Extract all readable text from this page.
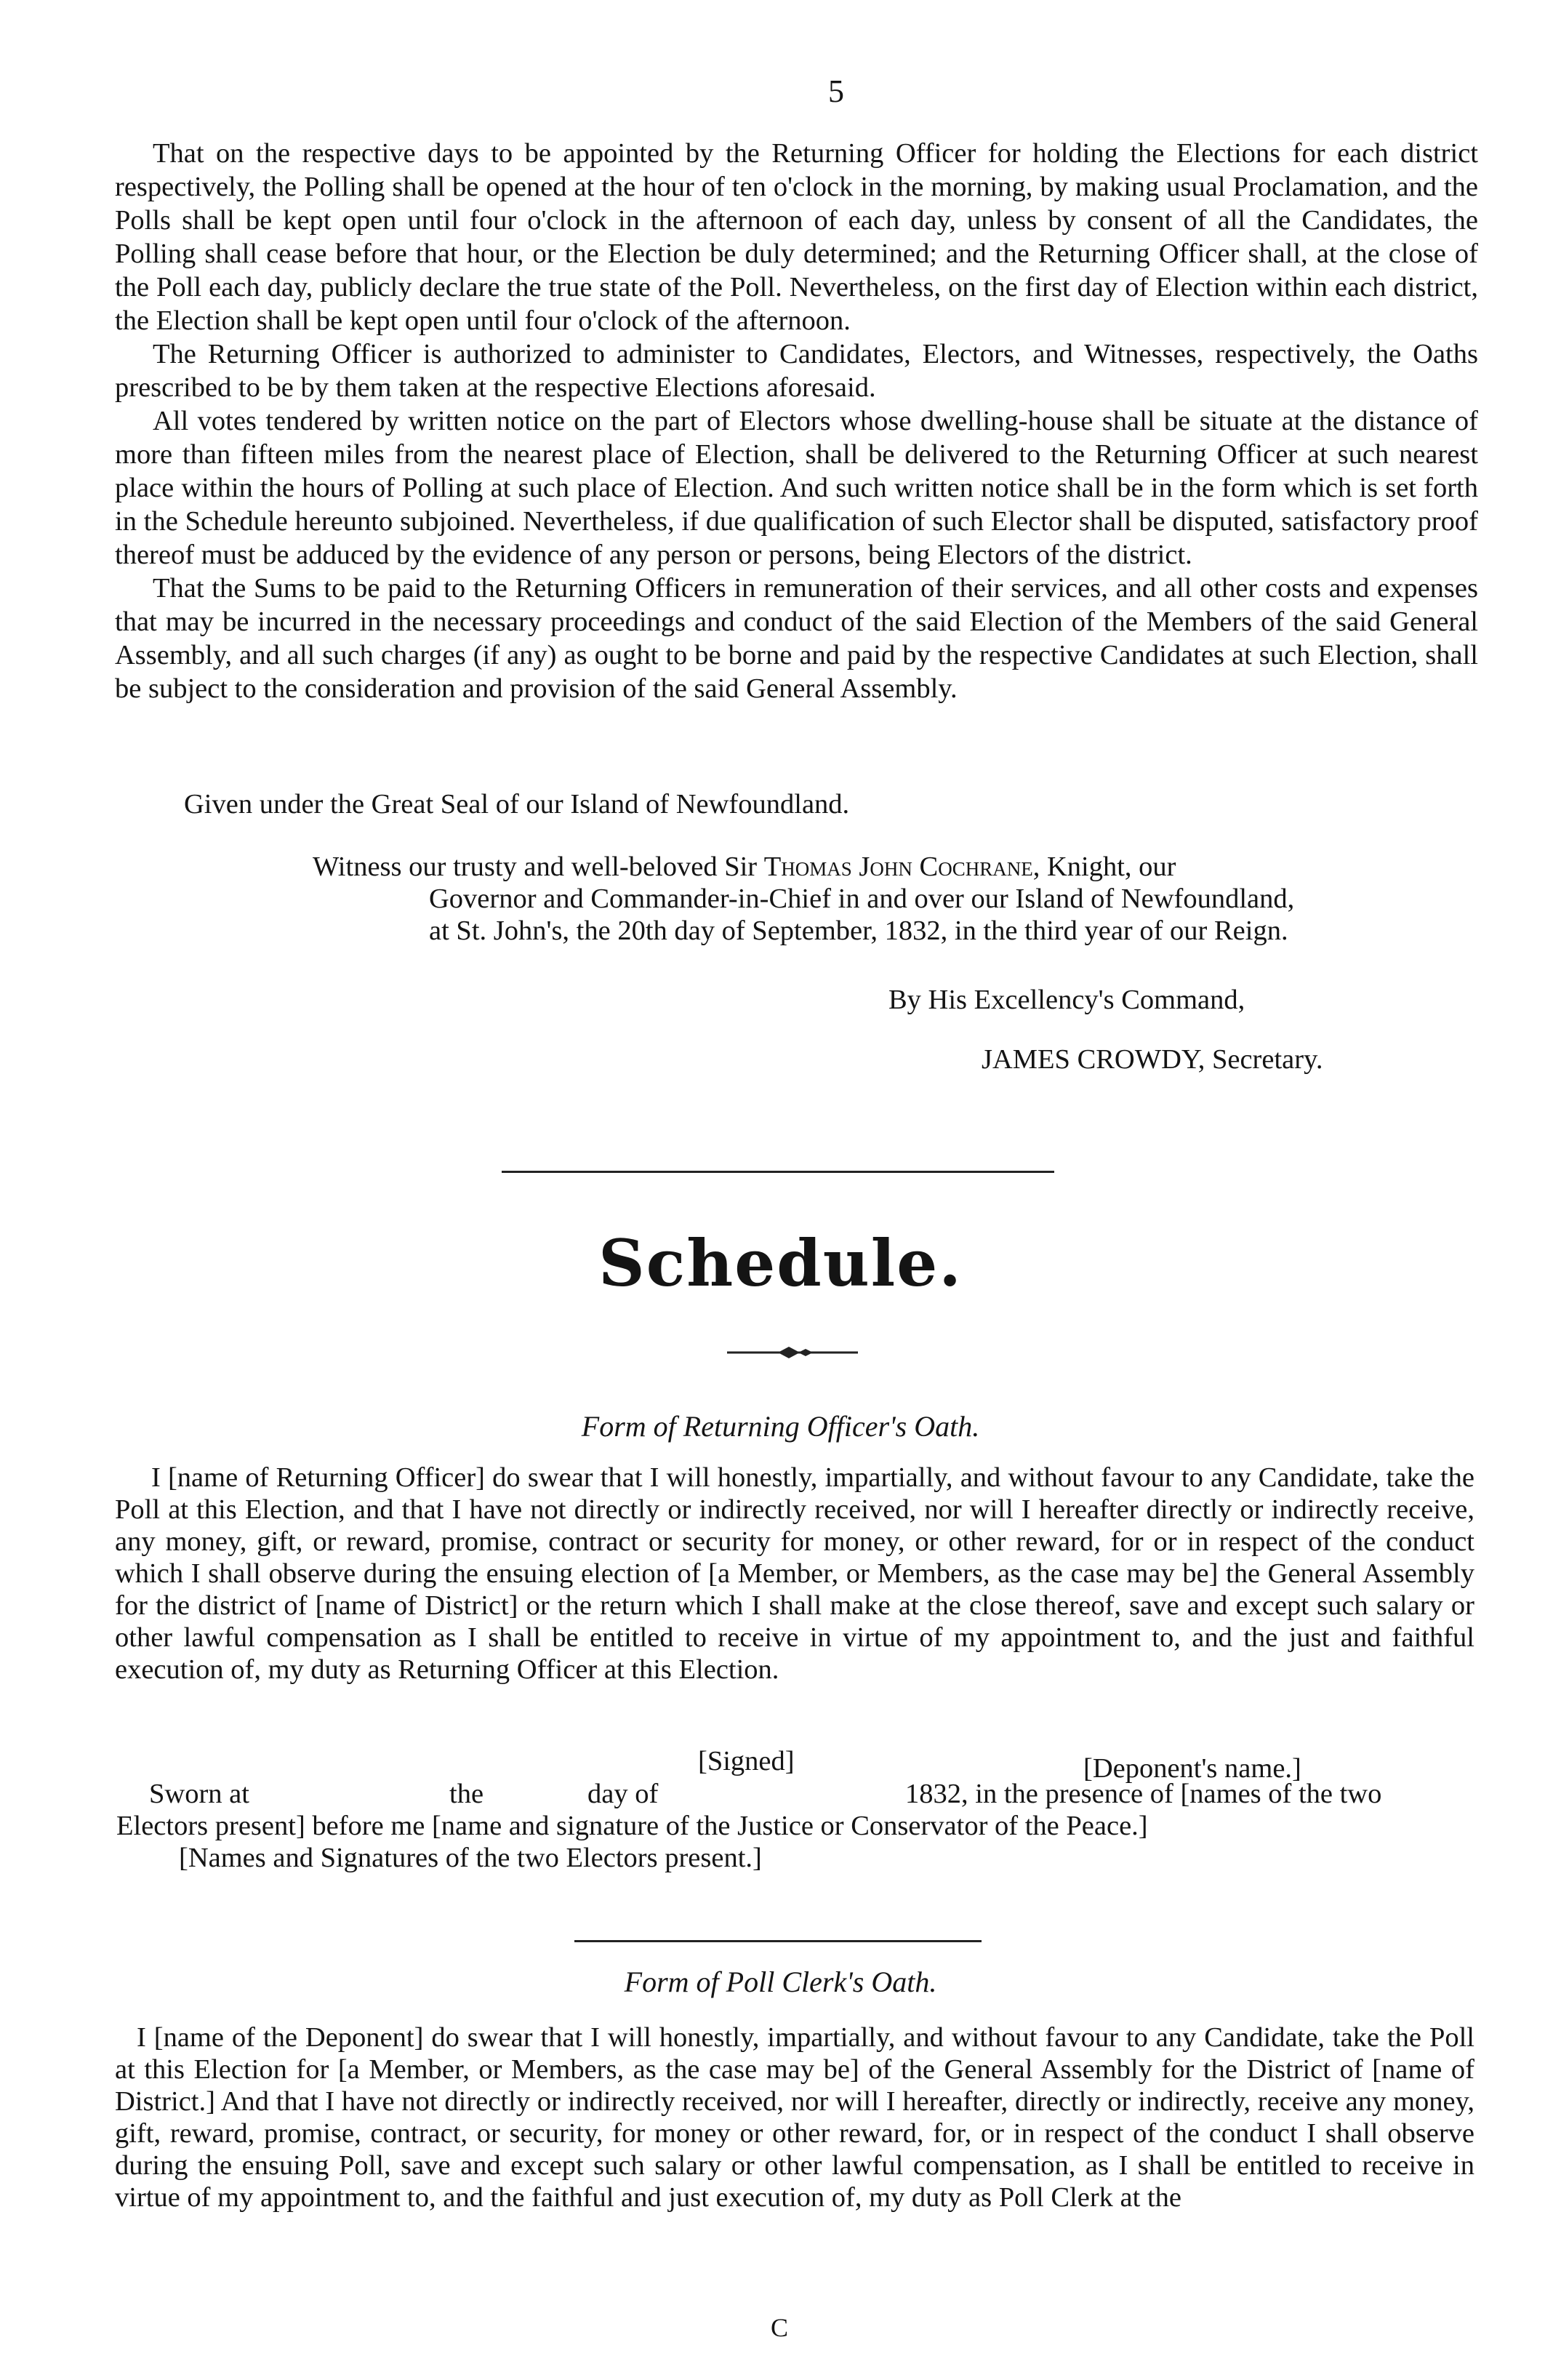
5

That on the respective days to be appointed by the Returning Officer for holding the Elections for each district respectively, the Polling shall be opened at the hour of ten o'clock in the morning, by making usual Proclamation, and the Polls shall be kept open until four o'clock in the afternoon of each day, unless by consent of all the Candidates, the Polling shall cease before that hour, or the Election be duly determined; and the Returning Officer shall, at the close of the Poll each day, publicly declare the true state of the Poll. Nevertheless, on the first day of Election within each district, the Election shall be kept open until four o'clock of the afternoon.

The Returning Officer is authorized to administer to Candidates, Electors, and Witnesses, respectively, the Oaths prescribed to be by them taken at the respective Elections aforesaid.

All votes tendered by written notice on the part of Electors whose dwelling-house shall be situate at the distance of more than fifteen miles from the nearest place of Election, shall be delivered to the Returning Officer at such nearest place within the hours of Polling at such place of Election. And such written notice shall be in the form which is set forth in the Schedule hereunto subjoined. Nevertheless, if due qualification of such Elector shall be disputed, satisfactory proof thereof must be adduced by the evidence of any person or persons, being Electors of the district.

That the Sums to be paid to the Returning Officers in remuneration of their services, and all other costs and expenses that may be incurred in the necessary proceedings and conduct of the said Election of the Members of the said General Assembly, and all such charges (if any) as ought to be borne and paid by the respective Candidates at such Election, shall be subject to the consideration and provision of the said General Assembly.

Given under the Great Seal of our Island of Newfoundland.
Witness our trusty and well-beloved Sir Thomas John Cochrane, Knight, our
Governor and Commander-in-Chief in and over our Island of Newfoundland,
at St. John's, the 20th day of September, 1832, in the third year of our Reign.
By His Excellency's Command,
JAMES CROWDY, Secretary.
Schedule.
Form of Returning Officer's Oath.
I [name of Returning Officer] do swear that I will honestly, impartially, and without favour to any Candidate, take the Poll at this Election, and that I have not directly or indirectly received, nor will I hereafter directly or indirectly receive, any money, gift, or reward, promise, contract or security for money, or other reward, for or in respect of the conduct which I shall observe during the ensuing election of [a Member, or Members, as the case may be] the General Assembly for the district of [name of District] or the return which I shall make at the close thereof, save and except such salary or other lawful compensation as I shall be entitled to receive in virtue of my appointment to, and the just and faithful execution of, my duty as Returning Officer at this Election.
[Signed]	[Deponent's name.]
Sworn at	the	day of	1832, in the presence of [names of the two
Electors present] before me [name and signature of the Justice or Conservator of the Peace.]
[Names and Signatures of the two Electors present.]
Form of Poll Clerk's Oath.
I [name of the Deponent] do swear that I will honestly, impartially, and without favour to any Candidate, take the Poll at this Election for [a Member, or Members, as the case may be] of the General Assembly for the District of [name of District.] And that I have not directly or indirectly received, nor will I hereafter, directly or indirectly, receive any money, gift, reward, promise, contract, or security, for money or other reward, for, or in respect of the conduct I shall observe during the ensuing Poll, save and except such salary or other lawful compensation, as I shall be entitled to receive in virtue of my appointment to, and the faithful and just execution of, my duty as Poll Clerk at the
C
